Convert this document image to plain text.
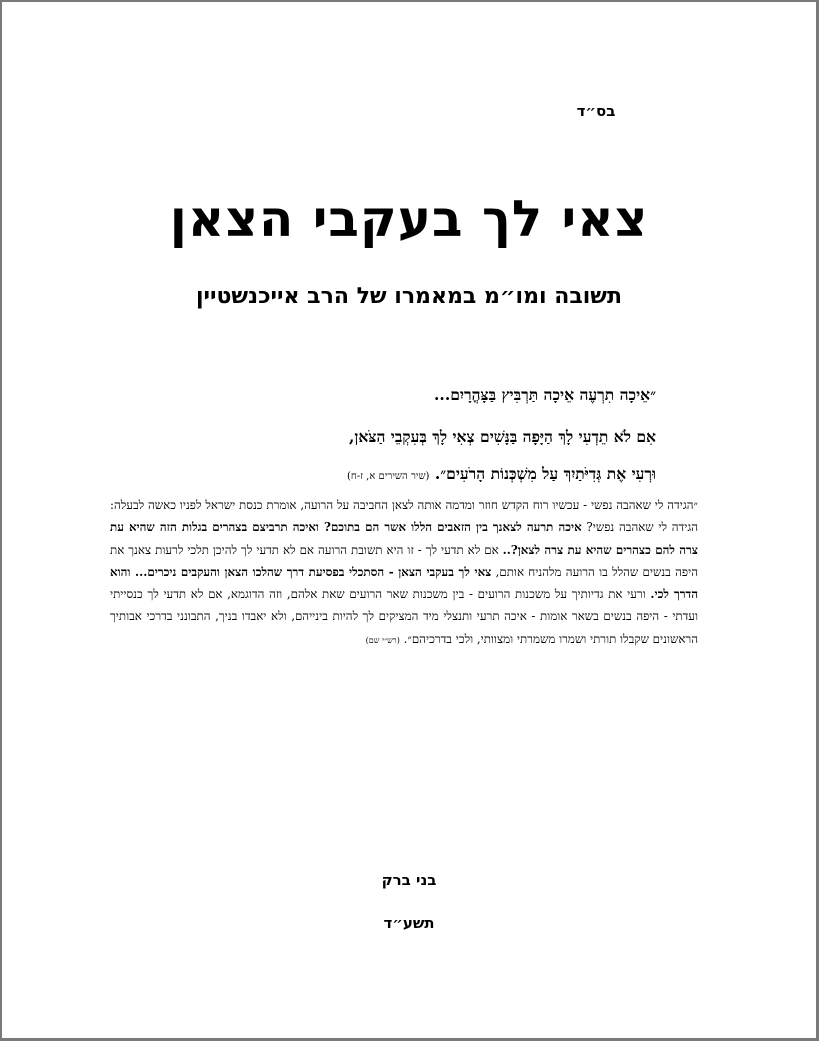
בס״ד
צאי לך בעקבי הצאן
תשובה ומו״מ במאמרו של הרב אייכנשטיין
״אֵיכָה תִרְעֶה אֵיכָה תַּרְבִּיץ בַּצָּהֳרָיִם...
אִם לֹא תֵדְעִי לָךְ הַיָּפָה בַּנָּשִׁים צְאִי לָךְ בְּעִקְבֵי הַצֹּאן,
וּרְעִי אֶת גְּדִיֹּתַיִךְ עַל מִשְׁכְּנוֹת הָרֹעִים״. (שיר השירים א, ז-ח)
״הגידה לי שאהבה נפשי - עכשיו רוח הקדש חוזר ומדמה אותה לצאן החביבה על הרועה, אומרת כנסת ישראל לפניו כאשה לבעלה: הגידה לי שאהבה נפשי? איכה תרעה לצאנך בין הזאבים הללו אשר הם בתוכם? ואיכה תרביצם בצהרים בגלות הזה שהיא עת צרה להם כצהרים שהיא עת צרה לצאן?.. אם לא תדעי לך - זו היא תשובת הרועה אם לא תדעי לך להיכן תלכי לרעות צאנך את היפה בנשים שהלל בו הרועה מלהניח אותם, צאי לך בעקבי הצאן - הסתכלי בפסיעת דרך שהלכו הצאן והעקבים ניכרים... והוא הדרך לכי. ורעי את גדיותיך על משכנות הרועים - בין משכנות שאר הרועים שאת אלהם, וזה הדוגמא, אם לא תדעי לך כנסייתי ועדתי - היפה בנשים בשאר אומות - איכה תרעי ותנצלי מיד המציקים לך להיות בינייהם, ולא יאבדו בניך, התבונני בדרכי אבותיך הראשונים שקבלו תורתי ושמרו משמרתי ומצוותי, ולכי בדרכיהם״. (רש״י שם)
בני ברק
תשע״ד
